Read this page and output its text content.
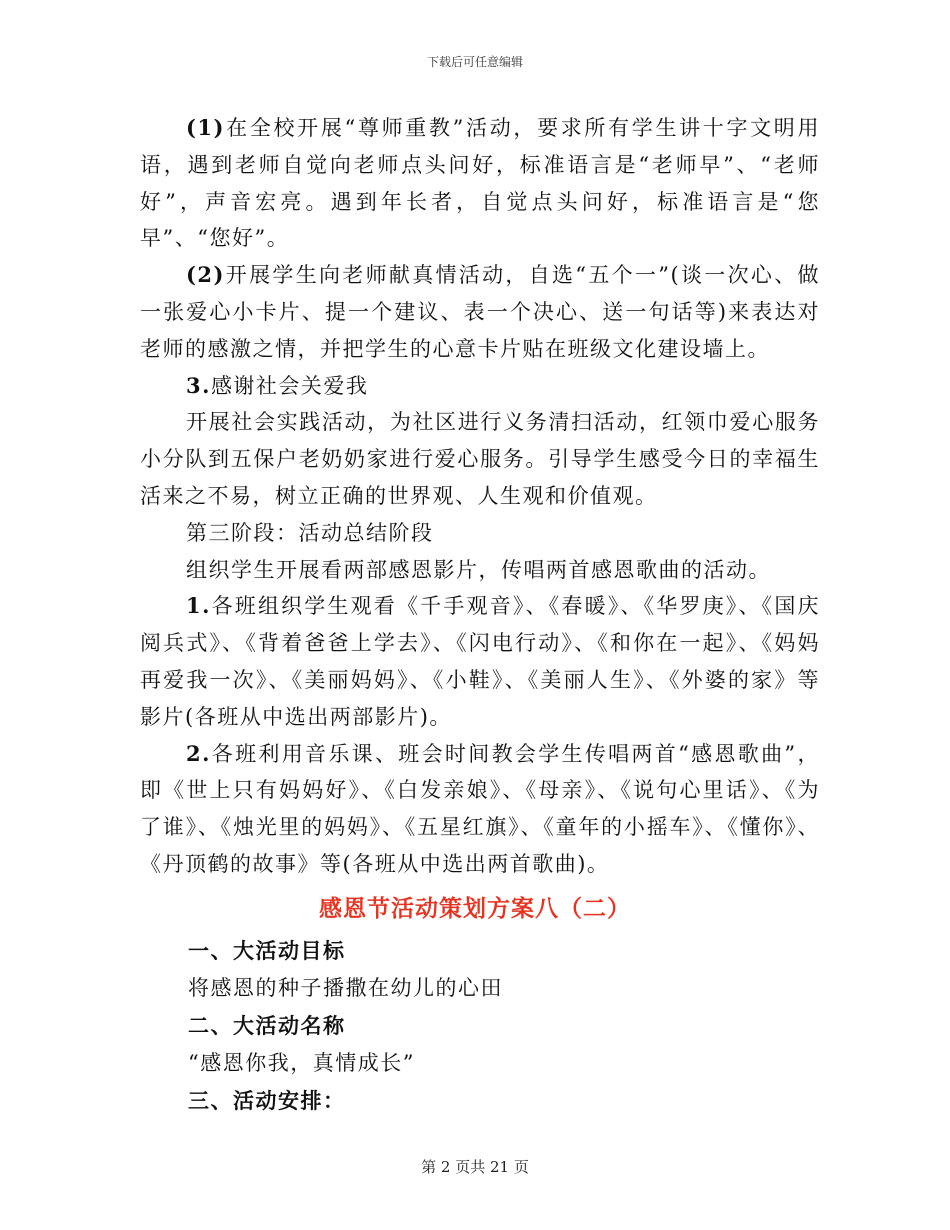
下载后可任意编辑

(1)在全校开展“尊师重教”活动，要求所有学生讲十字文明用语，遇到老师自觉向老师点头问好，标准语言是“老师早”、“老师好”，声音宏亮。遇到年长者，自觉点头问好，标准语言是“您早”、“您好”。

(2)开展学生向老师献真情活动，自选“五个一”(谈一次心、做一张爱心小卡片、提一个建议、表一个决心、送一句话等)来表达对老师的感激之情，并把学生的心意卡片贴在班级文化建设墙上。

3.感谢社会关爱我

开展社会实践活动，为社区进行义务清扫活动，红领巾爱心服务小分队到五保户老奶奶家进行爱心服务。引导学生感受今日的幸福生活来之不易，树立正确的世界观、人生观和价值观。

第三阶段：活动总结阶段

组织学生开展看两部感恩影片，传唱两首感恩歌曲的活动。

1.各班组织学生观看《千手观音》、《春暖》、《华罗庚》、《国庆阅兵式》、《背着爸爸上学去》、《闪电行动》、《和你在一起》、《妈妈再爱我一次》、《美丽妈妈》、《小鞋》、《美丽人生》、《外婆的家》等影片(各班从中选出两部影片)。

2.各班利用音乐课、班会时间教会学生传唱两首“感恩歌曲”，即《世上只有妈妈好》、《白发亲娘》、《母亲》、《说句心里话》、《为了谁》、《烛光里的妈妈》、《五星红旗》、《童年的小摇车》、《懂你》、《丹顶鹤的故事》等(各班从中选出两首歌曲)。

感恩节活动策划方案八（二）

一、大活动目标

将感恩的种子播撒在幼儿的心田

二、大活动名称

“感恩你我，真情成长”

三、活动安排：

第 2 页共 21 页
